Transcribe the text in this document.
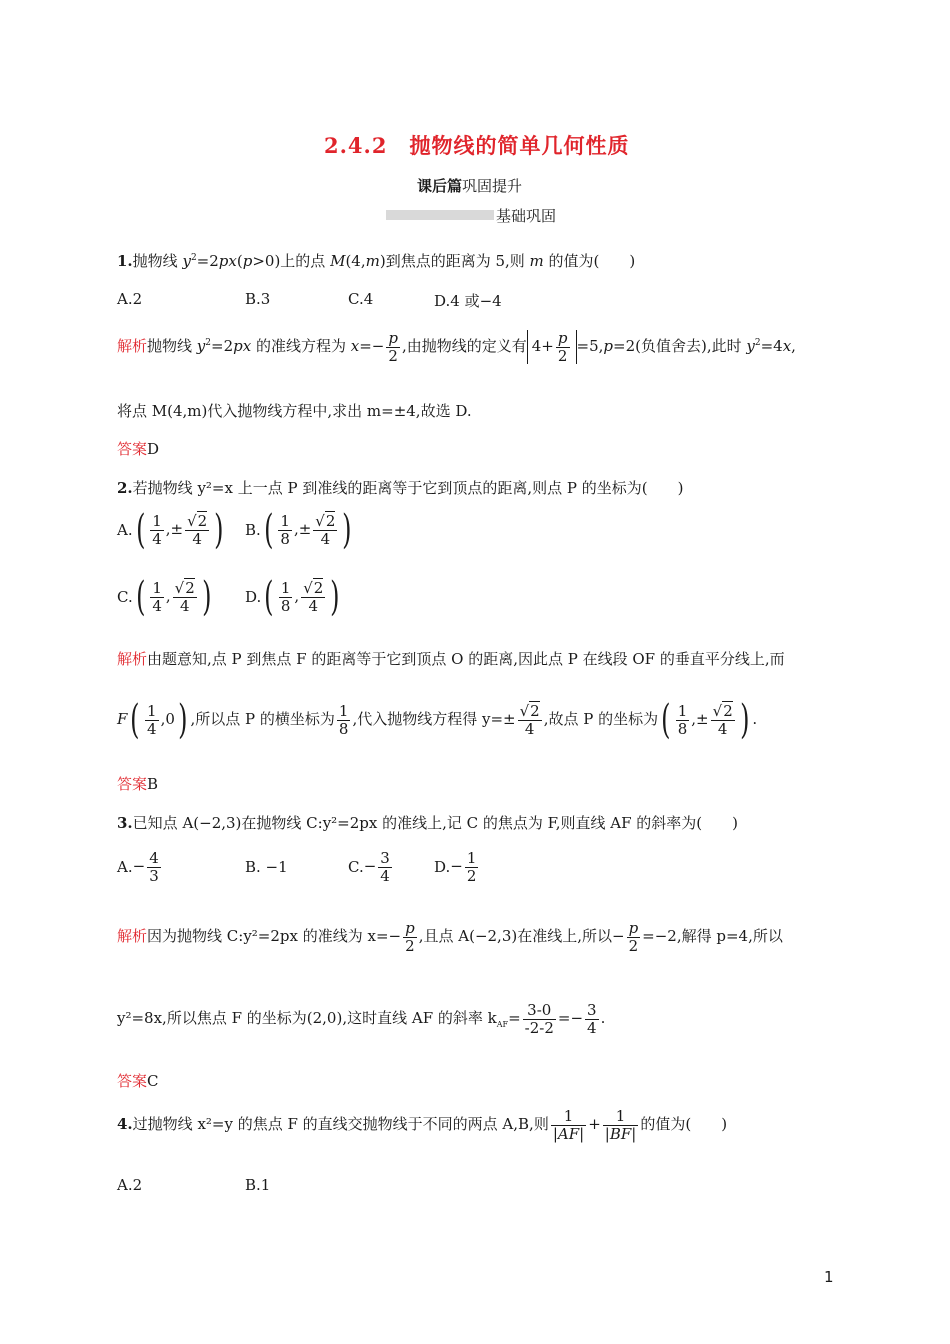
2.4.2　抛物线的简单几何性质
课后篇巩固提升
基础巩固
1.抛物线 $y^2=2px(p>0)$上的点 M(4,m)到焦点的距离为 5,则 m 的值为(　　)
A.2	B.3	C.4	D.4 或−4
解析抛物线 $y^2=2px$ 的准线方程为 $x=- \frac{p}{2}$ ,由抛物线的定义有 $4+ \frac{p}{2} =5,p=2$(负值舍去),此时 $y^2=4x$,
将点 M(4,m)代入抛物线方程中,求出 m=±4,故选 D.
答案D
2.若抛物线 y²=x 上一点 P 到准线的距离等于它到顶点的距离,则点 P 的坐标为(　　)
$A.( \frac{1}{4}$ ,± $\frac{√2}{4}$ ) $B.( \frac{1}{8}$ ,± $\frac{√2}{4}$ )
$C.( \frac{1}{4}$ , $\frac{√2}{4}$ ) $D.( \frac{1}{8}$ , $\frac{√2}{4}$ )
解析由题意知,点 P 到焦点 F 的距离等于它到顶点 O 的距离,因此点 P 在线段 OF 的垂直平分线上,而
$F( \frac{1}{4} ,0)$ ,所以点 P 的横坐标为 $\frac{1}{8}$ ,代入抛物线方程得 $y=\pm \frac{√2}{4}$ ,故点 P 的坐标为( $\frac{1}{8}$ ,± $\frac{√2}{4}$ ) .
答案B
3.已知点 A(−2,3)在抛物线 C:y²=2px 的准线上,记 C 的焦点为 F,则直线 AF 的斜率为(　　)
$A.- \frac{4}{3}$	B. −1	$C.- \frac{3}{4}$	$D.- \frac{1}{2}$
解析因为抛物线 C:y²=2px 的准线为 $x=- \frac{p}{2}$ ,且点 A(−2,3)在准线上,所以− $\frac{p}{2} =-2$,解得 p=4,所以
y²=8x,所以焦点 F 的坐标为(2,0),这时直线 AF 的斜率 $k_{AF}= \frac{3-0}{-2-2} =- \frac{3}{4}$ .
答案C
4.过抛物线 x²=y 的焦点 F 的直线交抛物线于不同的两点 A,B,则 $\frac{1}{|AF|} + \frac{1}{|BF|}$ 的值为(　　)
A.2	B.1
1
